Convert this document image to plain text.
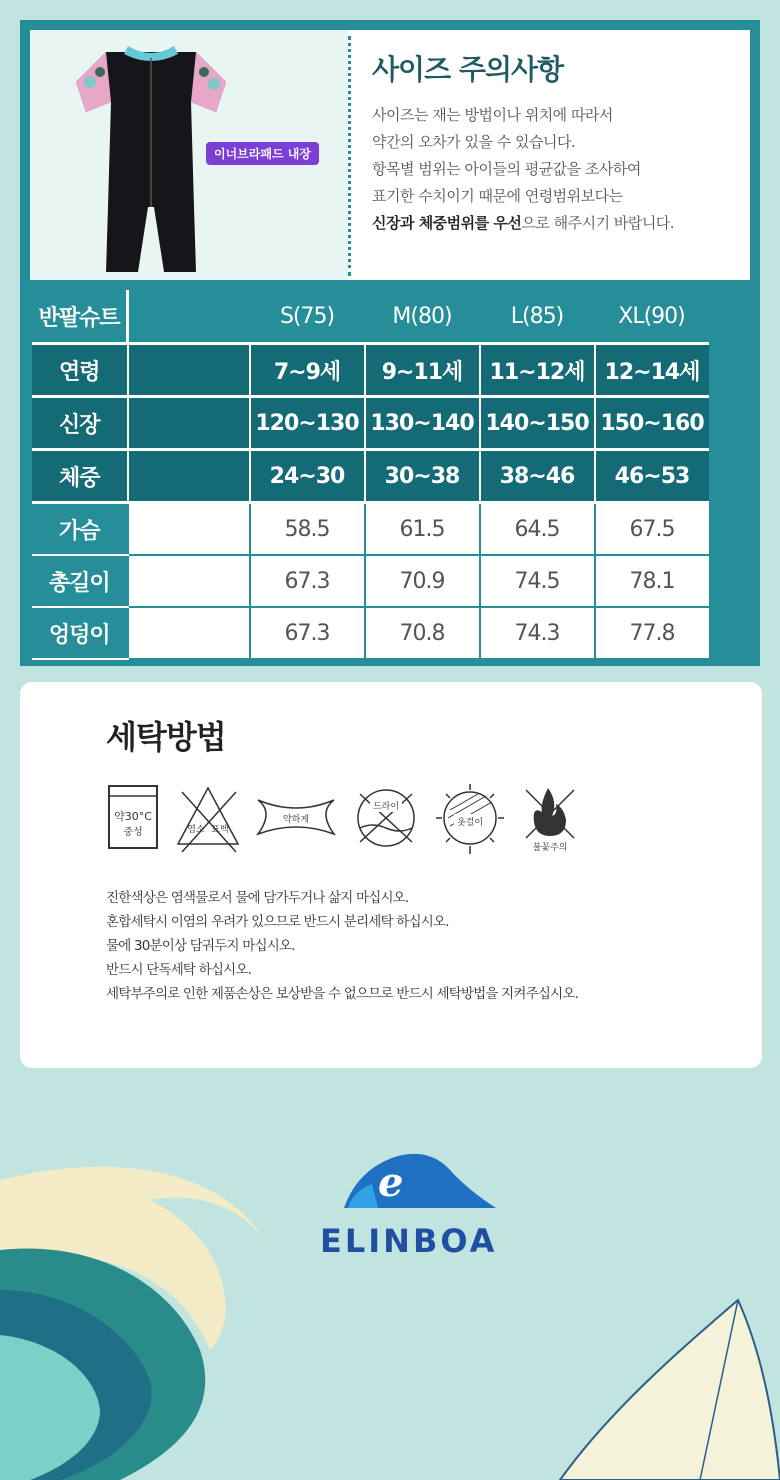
이너브라패드 내장
사이즈 주의사항

사이즈는 재는 방법이나 위치에 따라서

약간의 오차가 있을 수 있습니다.

항목별 범위는 아이들의 평균값을 조사하여

표기한 수치이기 때문에 연령범위보다는

신장과 체중범위를 우선으로 해주시기 바랍니다.

반팔슈트		S(75)	M(80)	L(85)	XL(90)
연령		7~9세	9~11세	11~12세	12~14세
신장		120~130	130~140	140~150	150~160
체중		24~30	30~38	38~46	46~53
가슴		58.5	61.5	64.5	67.5
총길이		67.3	70.9	74.5	78.1
엉덩이		67.3	70.8	74.3	77.8
세탁방법
약30°C
중성	염소 표백
약하게
드라이
옷걸이
불꽃주의
진한색상은 염색물로서 물에 담가두거나 삶지 마십시오.
혼합세탁시 이염의 우려가 있으므로 반드시 분리세탁 하십시오.
물에 30분이상 담궈두지 마십시오.
반드시 단독세탁 하십시오.
세탁부주의로 인한 제품손상은 보상받을 수 없으므로 반드시 세탁방법을 지켜주십시오.
e
ELINBOA
